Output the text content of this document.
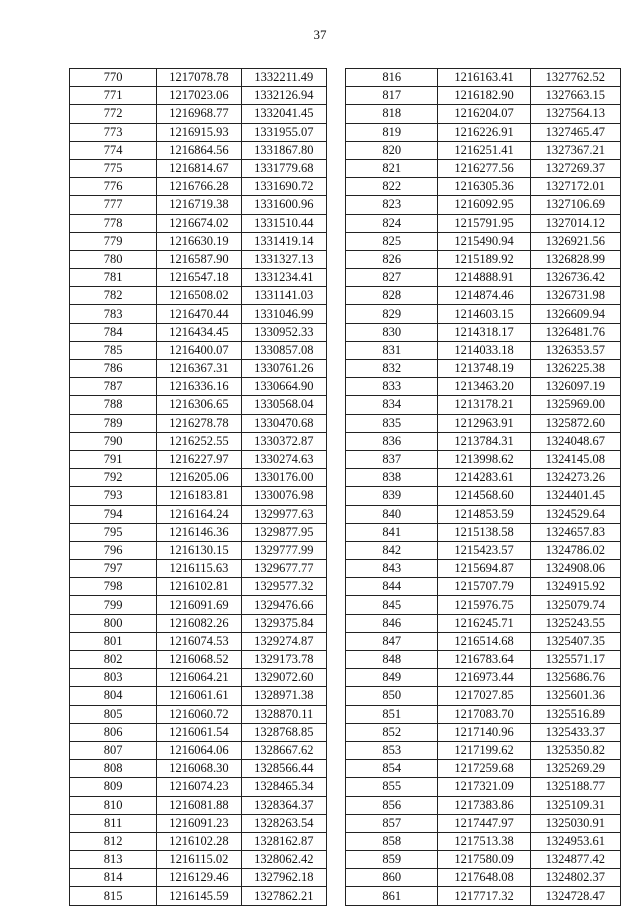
37
770	1217078.78	1332211.49
771	1217023.06	1332126.94
772	1216968.77	1332041.45
773	1216915.93	1331955.07
774	1216864.56	1331867.80
775	1216814.67	1331779.68
776	1216766.28	1331690.72
777	1216719.38	1331600.96
778	1216674.02	1331510.44
779	1216630.19	1331419.14
780	1216587.90	1331327.13
781	1216547.18	1331234.41
782	1216508.02	1331141.03
783	1216470.44	1331046.99
784	1216434.45	1330952.33
785	1216400.07	1330857.08
786	1216367.31	1330761.26
787	1216336.16	1330664.90
788	1216306.65	1330568.04
789	1216278.78	1330470.68
790	1216252.55	1330372.87
791	1216227.97	1330274.63
792	1216205.06	1330176.00
793	1216183.81	1330076.98
794	1216164.24	1329977.63
795	1216146.36	1329877.95
796	1216130.15	1329777.99
797	1216115.63	1329677.77
798	1216102.81	1329577.32
799	1216091.69	1329476.66
800	1216082.26	1329375.84
801	1216074.53	1329274.87
802	1216068.52	1329173.78
803	1216064.21	1329072.60
804	1216061.61	1328971.38
805	1216060.72	1328870.11
806	1216061.54	1328768.85
807	1216064.06	1328667.62
808	1216068.30	1328566.44
809	1216074.23	1328465.34
810	1216081.88	1328364.37
811	1216091.23	1328263.54
812	1216102.28	1328162.87
813	1216115.02	1328062.42
814	1216129.46	1327962.18
815	1216145.59	1327862.21
816	1216163.41	1327762.52
817	1216182.90	1327663.15
818	1216204.07	1327564.13
819	1216226.91	1327465.47
820	1216251.41	1327367.21
821	1216277.56	1327269.37
822	1216305.36	1327172.01
823	1216092.95	1327106.69
824	1215791.95	1327014.12
825	1215490.94	1326921.56
826	1215189.92	1326828.99
827	1214888.91	1326736.42
828	1214874.46	1326731.98
829	1214603.15	1326609.94
830	1214318.17	1326481.76
831	1214033.18	1326353.57
832	1213748.19	1326225.38
833	1213463.20	1326097.19
834	1213178.21	1325969.00
835	1212963.91	1325872.60
836	1213784.31	1324048.67
837	1213998.62	1324145.08
838	1214283.61	1324273.26
839	1214568.60	1324401.45
840	1214853.59	1324529.64
841	1215138.58	1324657.83
842	1215423.57	1324786.02
843	1215694.87	1324908.06
844	1215707.79	1324915.92
845	1215976.75	1325079.74
846	1216245.71	1325243.55
847	1216514.68	1325407.35
848	1216783.64	1325571.17
849	1216973.44	1325686.76
850	1217027.85	1325601.36
851	1217083.70	1325516.89
852	1217140.96	1325433.37
853	1217199.62	1325350.82
854	1217259.68	1325269.29
855	1217321.09	1325188.77
856	1217383.86	1325109.31
857	1217447.97	1325030.91
858	1217513.38	1324953.61
859	1217580.09	1324877.42
860	1217648.08	1324802.37
861	1217717.32	1324728.47
